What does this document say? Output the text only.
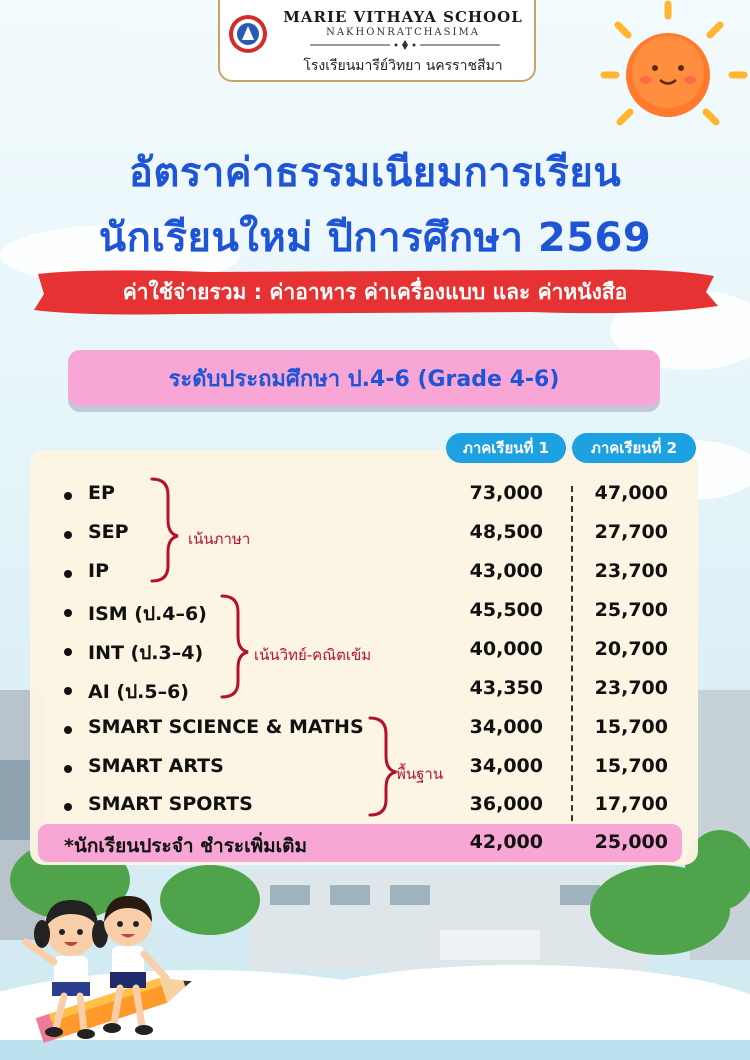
MARIE VITHAYA SCHOOL
NAKHONRATCHASIMA
โรงเรียนมารีย์วิทยา นครราชสีมา
อัตราค่าธรรมเนียมการเรียน
นักเรียนใหม่ ปีการศึกษา 2569
ค่าใช้จ่ายรวม : ค่าอาหาร ค่าเครื่องแบบ และ ค่าหนังสือ
ระดับประถมศึกษา ป.4-6 (Grade 4-6)
ภาคเรียนที่ 1	ภาคเรียนที่ 2
EP	73,000	47,000
SEP	48,500	27,700
IP	43,000	23,700
ISM (ป.4–6)	45,500	25,700
INT (ป.3–4)	40,000	20,700
AI (ป.5–6)	43,350	23,700
SMART SCIENCE & MATHS	34,000	15,700
SMART ARTS	34,000	15,700
SMART SPORTS	36,000	17,700
*นักเรียนประจำ ชำระเพิ่มเติม	42,000	25,000
เน้นภาษา
เน้นวิทย์-คณิตเข้ม
พื้นฐาน
